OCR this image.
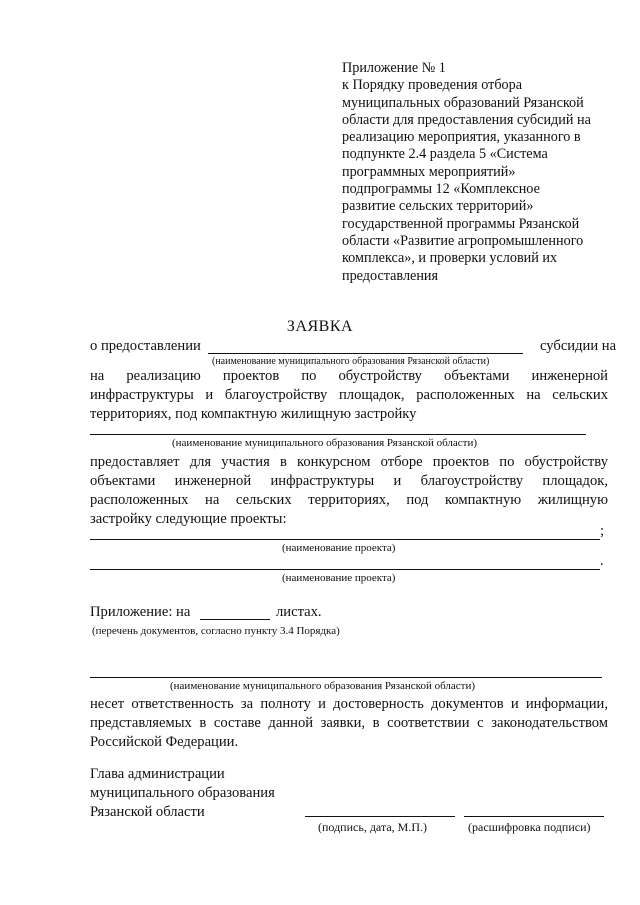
Приложение № 1
к Порядку проведения отбора
муниципальных образований Рязанской
области для предоставления субсидий на
реализацию мероприятия, указанного в
подпункте 2.4 раздела 5 «Система
программных мероприятий»
подпрограммы 12 «Комплексное
развитие сельских территорий»
государственной программы Рязанской
области «Развитие агропромышленного
комплекса», и проверки условий их
предоставления
ЗАЯВКА
о предоставлении	субсидии на
(наименование муниципального образования Рязанской области)
на реализацию проектов по обустройству объектами инженерной
инфраструктуры и благоустройству площадок, расположенных на сельских
территориях, под компактную жилищную застройку
(наименование муниципального образования Рязанской области)
предоставляет для участия в конкурсном отборе проектов по обустройству
объектами инженерной инфраструктуры и благоустройству площадок,
расположенных на сельских территориях, под компактную жилищную
застройку следующие проекты:
;
(наименование проекта)
.
(наименование проекта)
Приложение: на	листах.
(перечень документов, согласно пункту 3.4 Порядка)
(наименование муниципального образования Рязанской области)
несет ответственность за полноту и достоверность документов и информации,
представляемых в составе данной заявки, в соответствии с законодательством
Российской Федерации.
Глава администрации
муниципального образования
Рязанской области
(подпись, дата, М.П.)	(расшифровка подписи)
